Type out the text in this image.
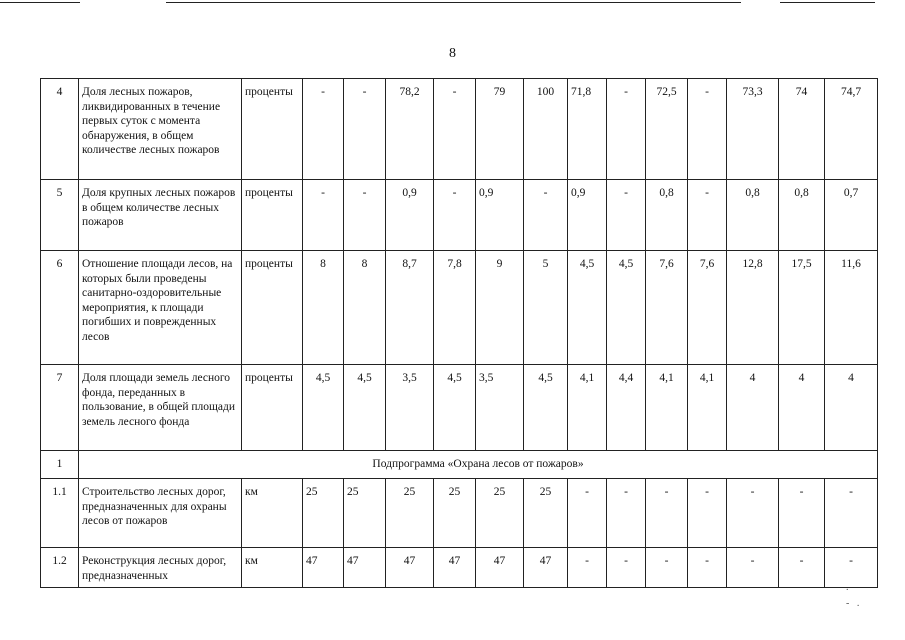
8
4	Доля лесных пожаров, ликвидированных в течение первых суток с момента обнаружения, в общем количестве лесных пожаров	проценты	-	-	78,2	-	79	100	71,8	-	72,5	-	73,3	74	74,7
5	Доля крупных лесных пожаров в общем количестве лесных пожаров	проценты	-	-	0,9	-	0,9	-	0,9	-	0,8	-	0,8	0,8	0,7
6	Отношение площади лесов, на которых были проведены санитарно-оздоровительные мероприятия, к площади погибших и поврежденных лесов	проценты	8	8	8,7	7,8	9	5	4,5	4,5	7,6	7,6	12,8	17,5	11,6
7	Доля площади земель лесного фонда, переданных в пользование, в общей площади земель лесного фонда	проценты	4,5	4,5	3,5	4,5	3,5	4,5	4,1	4,4	4,1	4,1	4	4	4
1	Подпрограмма «Охрана лесов от пожаров»														
1.1	Строительство лесных дорог, предназначенных для охраны лесов от пожаров	км	25	25	25	25	25	25	-	-	-	-	-	-	-
1.2	Реконструкция лесных дорог, предназначенных	км	47	47	47	47	47	47	-	-	-	-	-	-	-
.
-   .
